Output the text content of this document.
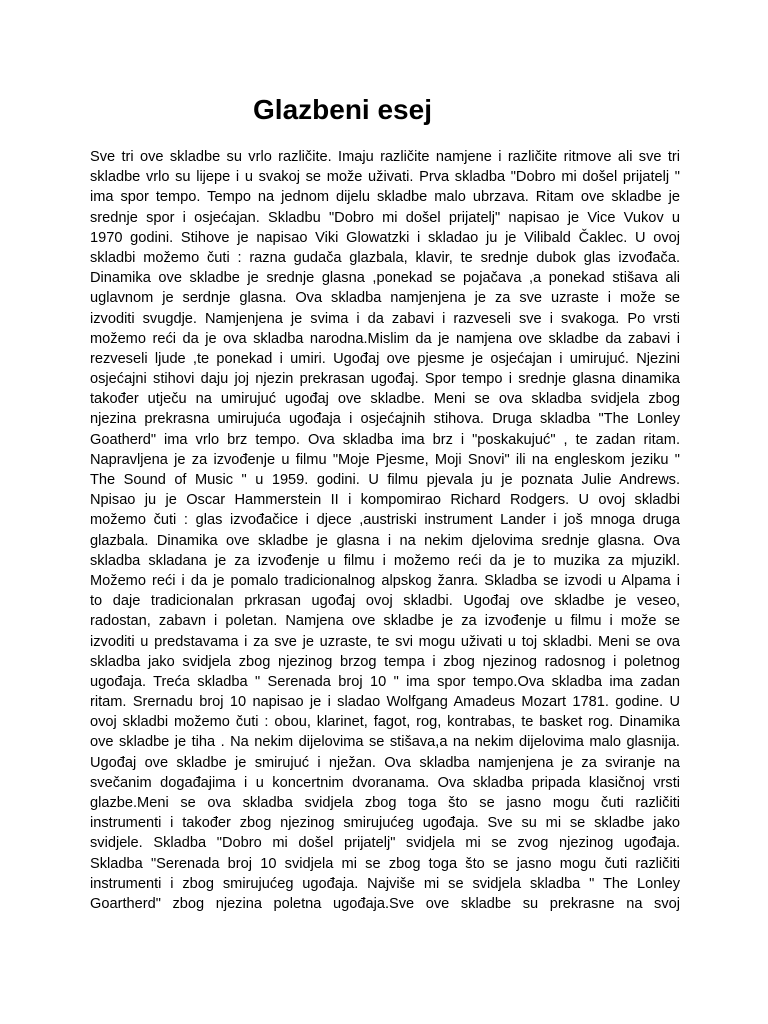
Glazbeni esej
Sve tri ove skladbe su vrlo različite. Imaju različite namjene i različite ritmove ali sve tri
skladbe vrlo su lijepe i u svakoj se može uživati. Prva skladba "Dobro mi došel prijatelj "
ima spor tempo. Tempo na jednom dijelu skladbe malo ubrzava. Ritam ove skladbe je
srednje spor i osjećajan. Skladbu "Dobro mi došel prijatelj" napisao je Vice Vukov u
1970 godini. Stihove je napisao Viki Glowatzki i skladao ju je Vilibald Čaklec. U ovoj
skladbi možemo čuti : razna gudača glazbala, klavir, te srednje dubok glas izvođača.
Dinamika ove skladbe je srednje glasna ,ponekad se pojačava ,a ponekad stišava ali
uglavnom je serdnje glasna. Ova skladba namjenjena je za sve uzraste i može se
izvoditi svugdje. Namjenjena je svima i da zabavi i razveseli sve i svakoga. Po vrsti
možemo reći da je ova skladba narodna.Mislim da je namjena ove skladbe da zabavi i
rezveseli ljude ,te ponekad i umiri. Ugođaj ove pjesme je osjećajan i umirujuć. Njezini
osjećajni stihovi daju joj njezin prekrasan ugođaj. Spor tempo i srednje glasna dinamika
također utječu na umirujuć ugođaj ove skladbe. Meni se ova skladba svidjela zbog
njezina prekrasna umirujuća ugođaja i osjećajnih stihova. Druga skladba "The Lonley
Goatherd" ima vrlo brz tempo. Ova skladba ima brz i "poskakujuć" , te zadan ritam.
Napravljena je za izvođenje u filmu "Moje Pjesme, Moji Snovi" ili na engleskom jeziku "
The Sound of Music " u 1959. godini. U filmu pjevala ju je poznata Julie Andrews.
Npisao ju je Oscar Hammerstein II i kompomirao Richard Rodgers. U ovoj skladbi
možemo čuti : glas izvođačice i djece ,austriski instrument Lander i još mnoga druga
glazbala. Dinamika ove skladbe je glasna i na nekim djelovima srednje glasna. Ova
skladba skladana je za izvođenje u filmu i možemo reći da je to muzika za mjuzikl.
Možemo reći i da je pomalo tradicionalnog alpskog žanra. Skladba se izvodi u Alpama i
to daje tradicionalan prkrasan ugođaj ovoj skladbi. Ugođaj ove skladbe je veseo,
radostan, zabavn i poletan. Namjena ove skladbe je za izvođenje u filmu i može se
izvoditi u predstavama i za sve je uzraste, te svi mogu uživati u toj skladbi. Meni se ova
skladba jako svidjela zbog njezinog brzog tempa i zbog njezinog radosnog i poletnog
ugođaja. Treća skladba " Serenada broj 10 " ima spor tempo.Ova skladba ima zadan
ritam. Srernadu broj 10 napisao je i sladao Wolfgang Amadeus Mozart 1781. godine. U
ovoj skladbi možemo čuti : obou, klarinet, fagot, rog, kontrabas, te basket rog. Dinamika
ove skladbe je tiha . Na nekim dijelovima se stišava,a na nekim dijelovima malo glasnija.
Ugođaj ove skladbe je smirujuć i nježan. Ova skladba namjenjena je za sviranje na
svečanim događajima i u koncertnim dvoranama. Ova skladba pripada klasičnoj vrsti
glazbe.Meni se ova skladba svidjela zbog toga što se jasno mogu čuti različiti
instrumenti i također zbog njezinog smirujućeg ugođaja. Sve su mi se skladbe jako
svidjele. Skladba "Dobro mi došel prijatelj" svidjela mi se zvog njezinog ugođaja.
Skladba "Serenada broj 10 svidjela mi se zbog toga što se jasno mogu čuti različiti
instrumenti i zbog smirujućeg ugođaja. Najviše mi se svidjela skladba " The Lonley
Goartherd" zbog njezina poletna ugođaja.Sve ove skladbe su prekrasne na svoj
